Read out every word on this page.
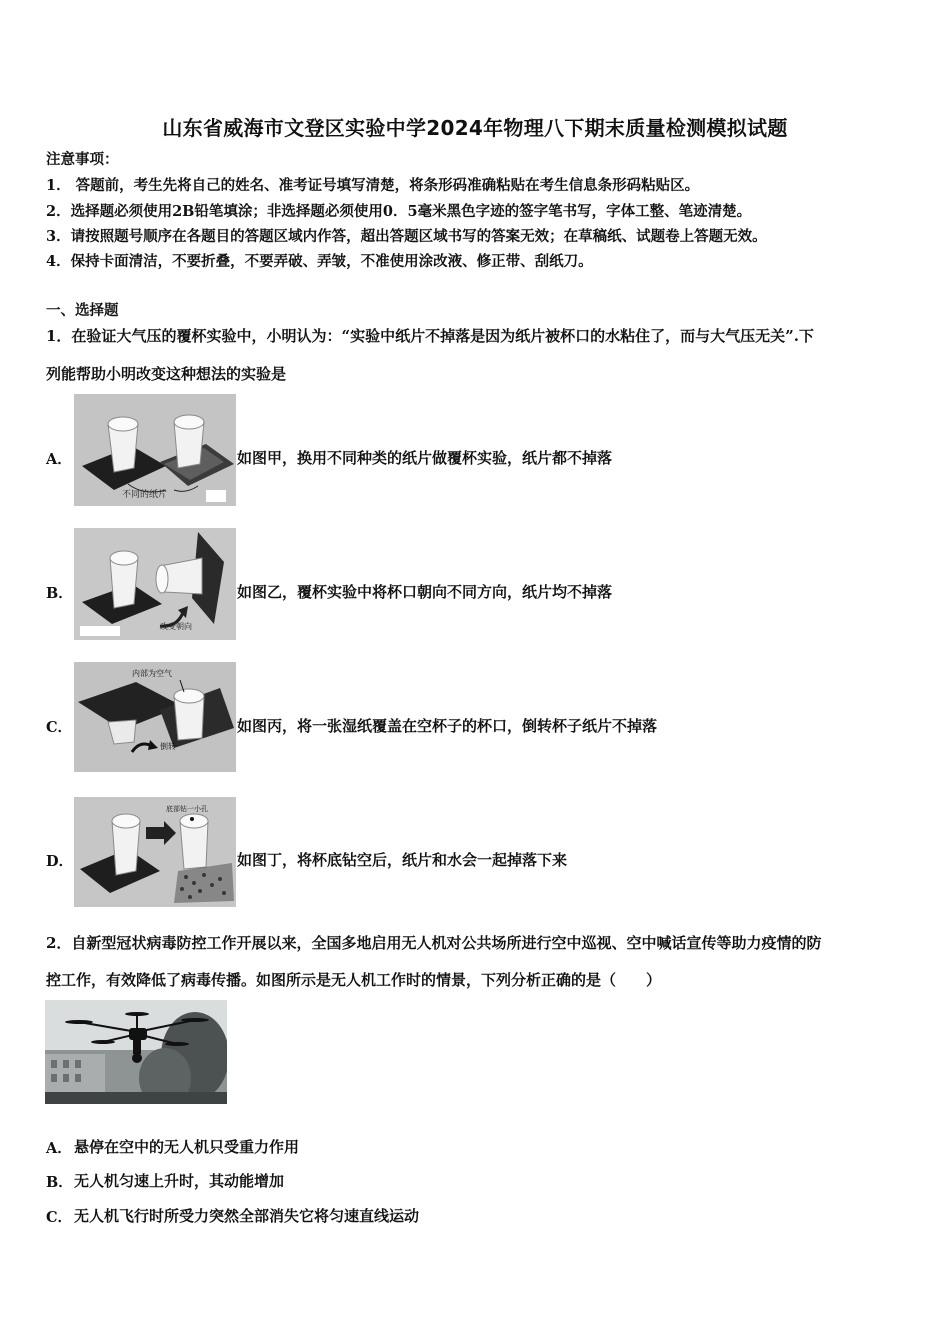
山东省威海市文登区实验中学2024年物理八下期末质量检测模拟试题
注意事项：
1． 答题前，考生先将自己的姓名、准考证号填写清楚，将条形码准确粘贴在考生信息条形码粘贴区。
2．选择题必须使用2B铅笔填涂；非选择题必须使用0．5毫米黑色字迹的签字笔书写，字体工整、笔迹清楚。
3．请按照题号顺序在各题目的答题区域内作答，超出答题区域书写的答案无效；在草稿纸、试题卷上答题无效。
4．保持卡面清洁，不要折叠，不要弄破、弄皱，不准使用涂改液、修正带、刮纸刀。
一、选择题
1．在验证大气压的覆杯实验中，小明认为：“实验中纸片不掉落是因为纸片被杯口的水粘住了，而与大气压无关”.下
列能帮助小明改变这种想法的实验是
不同的纸片
A．	如图甲，换用不同种类的纸片做覆杯实验，纸片都不掉落
改变朝向
B．	如图乙，覆杯实验中将杯口朝向不同方向，纸片均不掉落
内部为空气
倒转
C．	如图丙，将一张湿纸覆盖在空杯子的杯口，倒转杯子纸片不掉落
底部钻一小孔
D．	如图丁，将杯底钻空后，纸片和水会一起掉落下来
2．自新型冠状病毒防控工作开展以来，全国多地启用无人机对公共场所进行空中巡视、空中喊话宣传等助力疫情的防
控工作，有效降低了病毒传播。如图所示是无人机工作时的情景，下列分析正确的是（　　）
A． 悬停在空中的无人机只受重力作用
B． 无人机匀速上升时，其动能增加
C． 无人机飞行时所受力突然全部消失它将匀速直线运动
